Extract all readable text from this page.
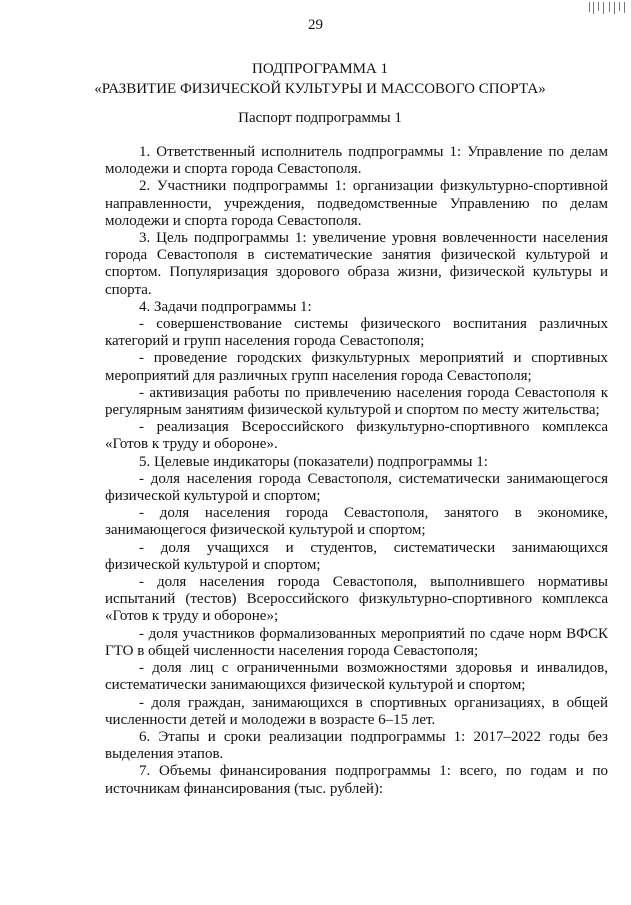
29
ПОДПРОГРАММА 1
«РАЗВИТИЕ ФИЗИЧЕСКОЙ КУЛЬТУРЫ И МАССОВОГО СПОРТА»
Паспорт подпрограммы 1

1. Ответственный исполнитель подпрограммы 1: Управление по делам молодежи и спорта города Севастополя.

2. Участники подпрограммы 1: организации физкультурно-спортивной направленности, учреждения, подведомственные Управлению по делам молодежи и спорта города Севастополя.

3. Цель подпрограммы 1: увеличение уровня вовлеченности населения города Севастополя в систематические занятия физической культурой и спортом. Популяризация здорового образа жизни, физической культуры и спорта.

4. Задачи подпрограммы 1:

- совершенствование системы физического воспитания различных категорий и групп населения города Севастополя;

- проведение городских физкультурных мероприятий и спортивных мероприятий для различных групп населения города Севастополя;

- активизация работы по привлечению населения города Севастополя к регулярным занятиям физической культурой и спортом по месту жительства;

- реализация Всероссийского физкультурно-спортивного комплекса «Готов к труду и обороне».

5. Целевые индикаторы (показатели) подпрограммы 1:

- доля населения города Севастополя, систематически занимающегося физической культурой и спортом;

- доля населения города Севастополя, занятого в экономике, занимающегося физической культурой и спортом;

- доля учащихся и студентов, систематически занимающихся физической культурой и спортом;

- доля населения города Севастополя, выполнившего нормативы испытаний (тестов) Всероссийского физкультурно-спортивного комплекса «Готов к труду и обороне»;

- доля участников формализованных мероприятий по сдаче норм ВФСК ГТО в общей численности населения города Севастополя;

- доля лиц с ограниченными возможностями здоровья и инвалидов, систематически занимающихся физической культурой и спортом;

- доля граждан, занимающихся в спортивных организациях, в общей численности детей и молодежи в возрасте 6–15 лет.

6. Этапы и сроки реализации подпрограммы 1: 2017–2022 годы без выделения этапов.

7. Объемы финансирования подпрограммы 1: всего, по годам и по источникам финансирования (тыс. рублей):
